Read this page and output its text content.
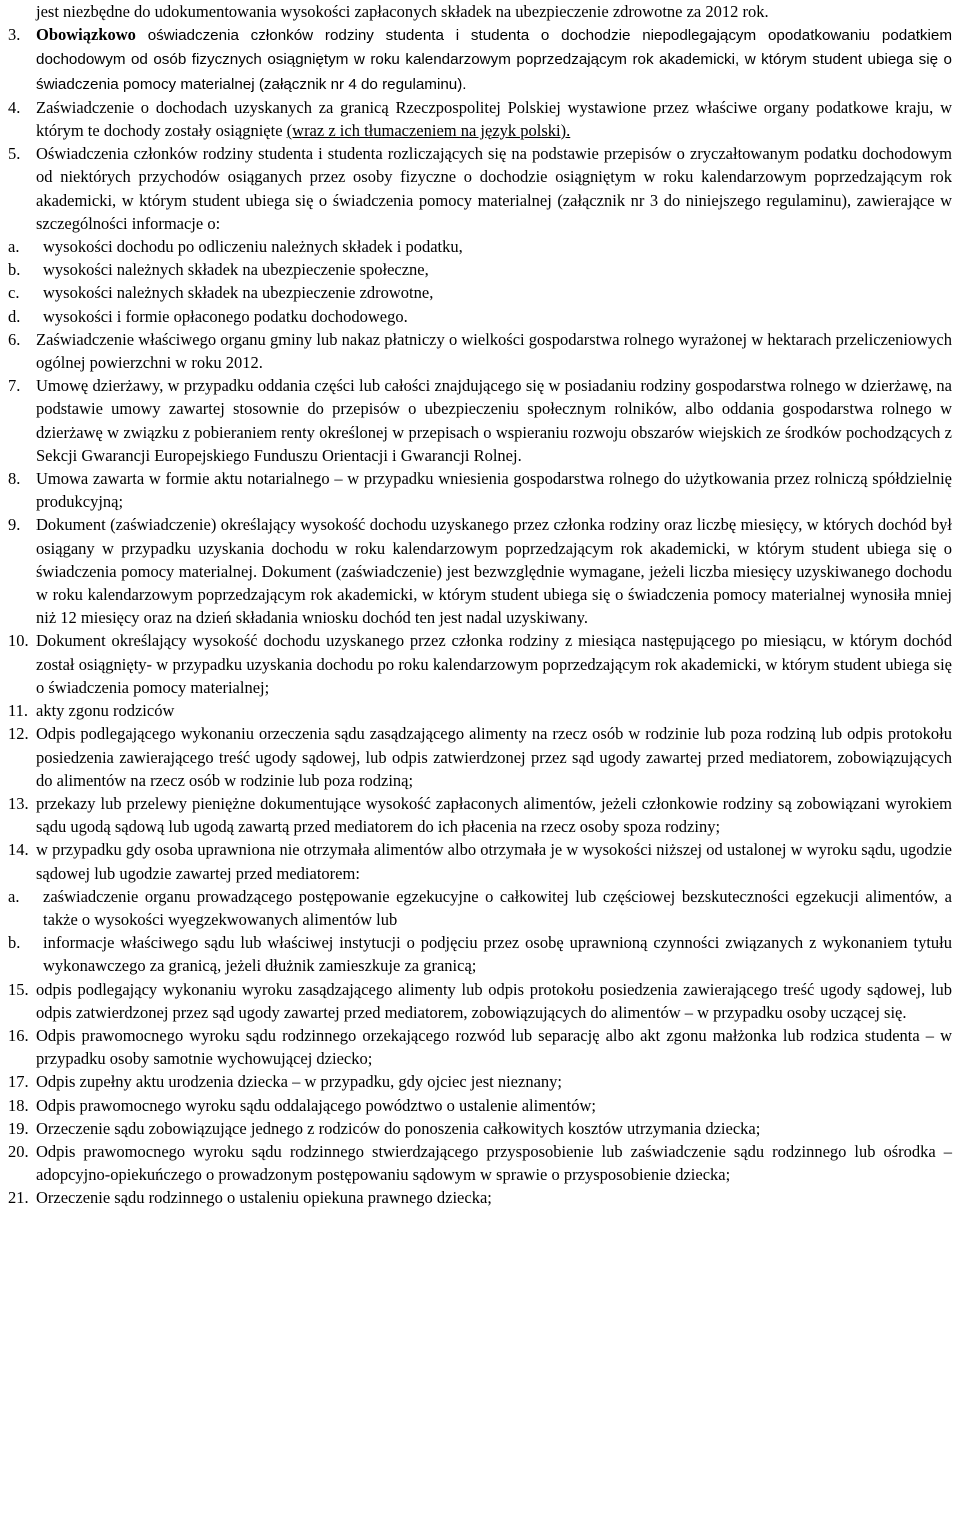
jest niezbędne do udokumentowania wysokości zapłaconych składek na ubezpieczenie zdrowotne za 2012 rok.
3. Obowiązkowo oświadczenia członków rodziny studenta i studenta o dochodzie niepodlegającym opodatkowaniu podatkiem dochodowym od osób fizycznych osiągniętym w roku kalendarzowym poprzedzającym rok akademicki, w którym student ubiega się o świadczenia pomocy materialnej (załącznik nr 4 do regulaminu).
4. Zaświadczenie o dochodach uzyskanych za granicą Rzeczpospolitej Polskiej wystawione przez właściwe organy podatkowe kraju, w którym te dochody zostały osiągnięte (wraz z ich tłumaczeniem na język polski).
5. Oświadczenia członków rodziny studenta i studenta rozliczających się na podstawie przepisów o zryczałtowanym podatku dochodowym od niektórych przychodów osiąganych przez osoby fizyczne o dochodzie osiągniętym w roku kalendarzowym poprzedzającym rok akademicki, w którym student ubiega się o świadczenia pomocy materialnej (załącznik nr 3 do niniejszego regulaminu), zawierające w szczególności informacje o:
a. wysokości dochodu po odliczeniu należnych składek i podatku,
b. wysokości należnych składek na ubezpieczenie społeczne,
c. wysokości należnych składek na ubezpieczenie zdrowotne,
d. wysokości i formie opłaconego podatku dochodowego.
6. Zaświadczenie właściwego organu gminy lub nakaz płatniczy o wielkości gospodarstwa rolnego wyrażonej w hektarach przeliczeniowych ogólnej powierzchni w roku 2012.
7. Umowę dzierżawy, w przypadku oddania części lub całości znajdującego się w posiadaniu rodziny gospodarstwa rolnego w dzierżawę, na podstawie umowy zawartej stosownie do przepisów o ubezpieczeniu społecznym rolników, albo oddania gospodarstwa rolnego w dzierżawę w związku z pobieraniem renty określonej w przepisach o wspieraniu rozwoju obszarów wiejskich ze środków pochodzących z Sekcji Gwarancji Europejskiego Funduszu Orientacji i Gwarancji Rolnej.
8. Umowa zawarta w formie aktu notarialnego – w przypadku wniesienia gospodarstwa rolnego do użytkowania przez rolniczą spółdzielnię produkcyjną;
9. Dokument (zaświadczenie) określający wysokość dochodu uzyskanego przez członka rodziny oraz liczbę miesięcy, w których dochód był osiągany w przypadku uzyskania dochodu w roku kalendarzowym poprzedzającym rok akademicki, w którym student ubiega się o świadczenia pomocy materialnej. Dokument (zaświadczenie) jest bezwzględnie wymagane, jeżeli liczba miesięcy uzyskiwanego dochodu w roku kalendarzowym poprzedzającym rok akademicki, w którym student ubiega się o świadczenia pomocy materialnej wynosiła mniej niż 12 miesięcy oraz na dzień składania wniosku dochód ten jest nadal uzyskiwany.
10. Dokument określający wysokość dochodu uzyskanego przez członka rodziny z miesiąca następującego po miesiącu, w którym dochód został osiągnięty- w przypadku uzyskania dochodu po roku kalendarzowym poprzedzającym rok akademicki, w którym student ubiega się o świadczenia pomocy materialnej;
11. akty zgonu rodziców
12. Odpis podlegającego wykonaniu orzeczenia sądu zasądzającego alimenty na rzecz osób w rodzinie lub poza rodziną lub odpis protokołu posiedzenia zawierającego treść ugody sądowej, lub odpis zatwierdzonej przez sąd ugody zawartej przed mediatorem, zobowiązujących do alimentów na rzecz osób w rodzinie lub poza rodziną;
13. przekazy lub przelewy pieniężne dokumentujące wysokość zapłaconych alimentów, jeżeli członkowie rodziny są zobowiązani wyrokiem sądu ugodą sądową lub ugodą zawartą przed mediatorem do ich płacenia na rzecz osoby spoza rodziny;
14. w przypadku gdy osoba uprawniona nie otrzymała alimentów albo otrzymała je w wysokości niższej od ustalonej w wyroku sądu, ugodzie sądowej lub ugodzie zawartej przed mediatorem:
a. zaświadczenie organu prowadzącego postępowanie egzekucyjne o całkowitej lub częściowej bezskuteczności egzekucji alimentów, a także o wysokości wyegzekwowanych alimentów lub
b. informacje właściwego sądu lub właściwej instytucji o podjęciu przez osobę uprawnioną czynności związanych z wykonaniem tytułu wykonawczego za granicą, jeżeli dłużnik zamieszkuje za granicą;
15. odpis podlegający wykonaniu wyroku zasądzającego alimenty lub odpis protokołu posiedzenia zawierającego treść ugody sądowej, lub odpis zatwierdzonej przez sąd ugody zawartej przed mediatorem, zobowiązujących do alimentów – w przypadku osoby uczącej się.
16. Odpis prawomocnego wyroku sądu rodzinnego orzekającego rozwód lub separację albo akt zgonu małżonka lub rodzica studenta – w przypadku osoby samotnie wychowującej dziecko;
17. Odpis zupełny aktu urodzenia dziecka – w przypadku, gdy ojciec jest nieznany;
18. Odpis prawomocnego wyroku sądu oddalającego powództwo o ustalenie alimentów;
19. Orzeczenie sądu zobowiązujące jednego z rodziców do ponoszenia całkowitych kosztów utrzymania dziecka;
20. Odpis prawomocnego wyroku sądu rodzinnego stwierdzającego przysposobienie lub zaświadczenie sądu rodzinnego lub ośrodka – adopcyjno-opiekuńczego o prowadzonym postępowaniu sądowym w sprawie o przysposobienie dziecka;
21. Orzeczenie sądu rodzinnego o ustaleniu opiekuna prawnego dziecka;
